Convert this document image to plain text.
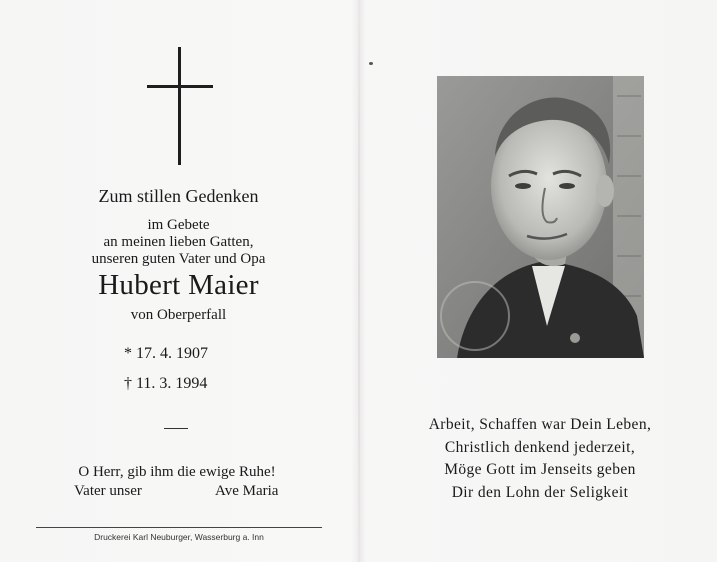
Zum stillen Gedenken
im Gebete
an meinen lieben Gatten,
unseren guten Vater und Opa
Hubert Maier
von Oberperfall
* 17. 4. 1907
† 11. 3. 1994
O Herr, gib ihm die ewige Ruhe!
Vater unser	Ave Maria
Druckerei Karl Neuburger, Wasserburg a. Inn
Arbeit, Schaffen war Dein Leben,
Christlich denkend jederzeit,
Möge Gott im Jenseits geben
Dir den Lohn der Seligkeit
